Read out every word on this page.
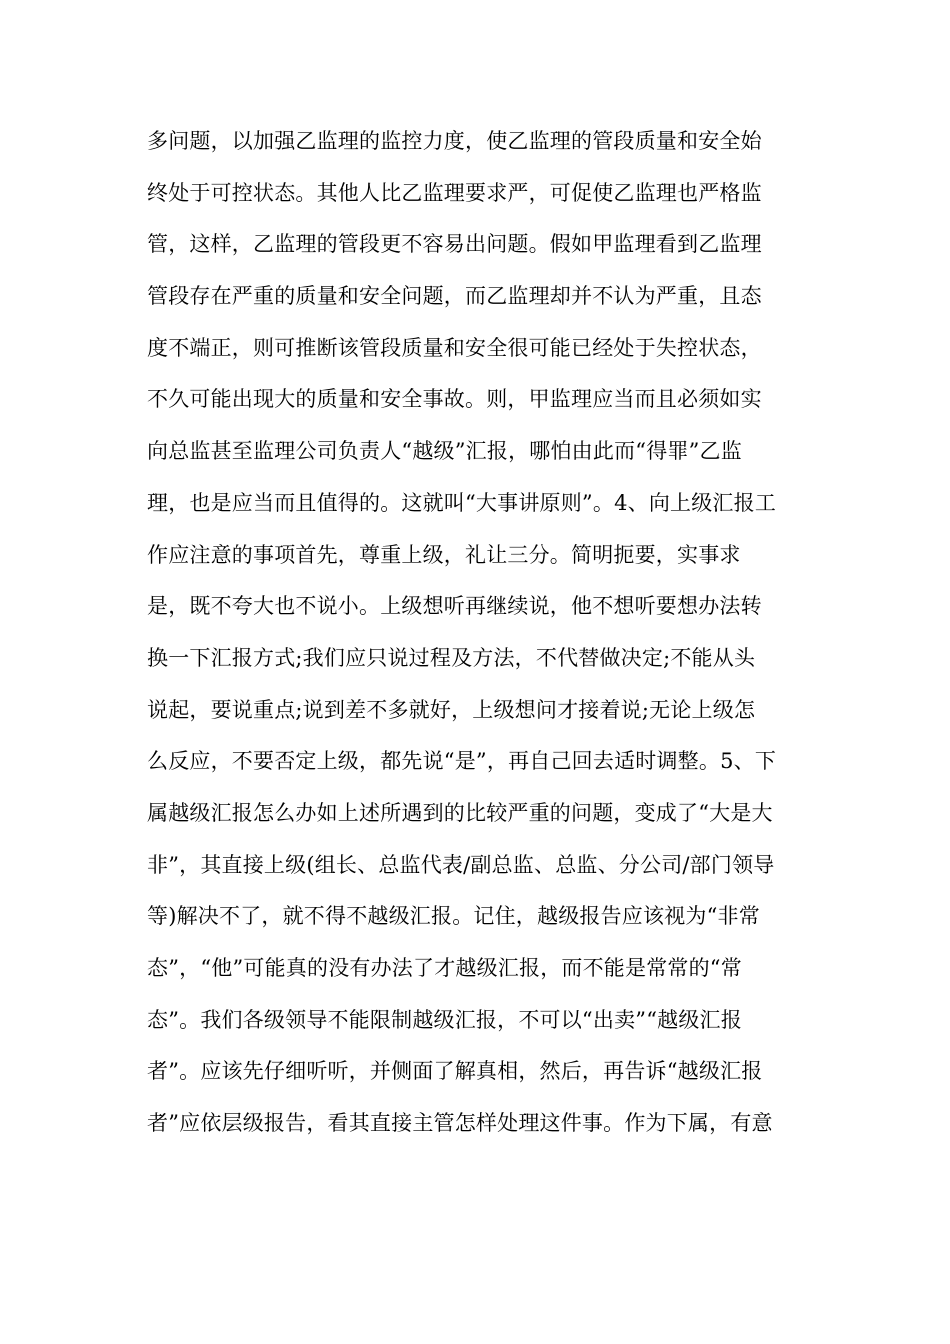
多问题，以加强乙监理的监控力度，使乙监理的管段质量和安全始
终处于可控状态。其他人比乙监理要求严，可促使乙监理也严格监
管，这样，乙监理的管段更不容易出问题。假如甲监理看到乙监理
管段存在严重的质量和安全问题，而乙监理却并不认为严重，且态
度不端正，则可推断该管段质量和安全很可能已经处于失控状态，
不久可能出现大的质量和安全事故。则，甲监理应当而且必须如实
向总监甚至监理公司负责人“越级”汇报，哪怕由此而“得罪”乙监
理，也是应当而且值得的。这就叫“大事讲原则”。4、向上级汇报工
作应注意的事项首先，尊重上级，礼让三分。简明扼要，实事求
是，既不夸大也不说小。上级想听再继续说，他不想听要想办法转
换一下汇报方式;我们应只说过程及方法，不代替做决定;不能从头
说起，要说重点;说到差不多就好，上级想问才接着说;无论上级怎
么反应，不要否定上级，都先说“是”，再自己回去适时调整。5、下
属越级汇报怎么办如上述所遇到的比较严重的问题，变成了“大是大
非”，其直接上级(组长、总监代表/副总监、总监、分公司/部门领导
等)解决不了，就不得不越级汇报。记住，越级报告应该视为“非常
态”，“他”可能真的没有办法了才越级汇报，而不能是常常的“常
态”。我们各级领导不能限制越级汇报，不可以“出卖”“越级汇报
者”。应该先仔细听听，并侧面了解真相，然后，再告诉“越级汇报
者”应依层级报告，看其直接主管怎样处理这件事。作为下属，有意
